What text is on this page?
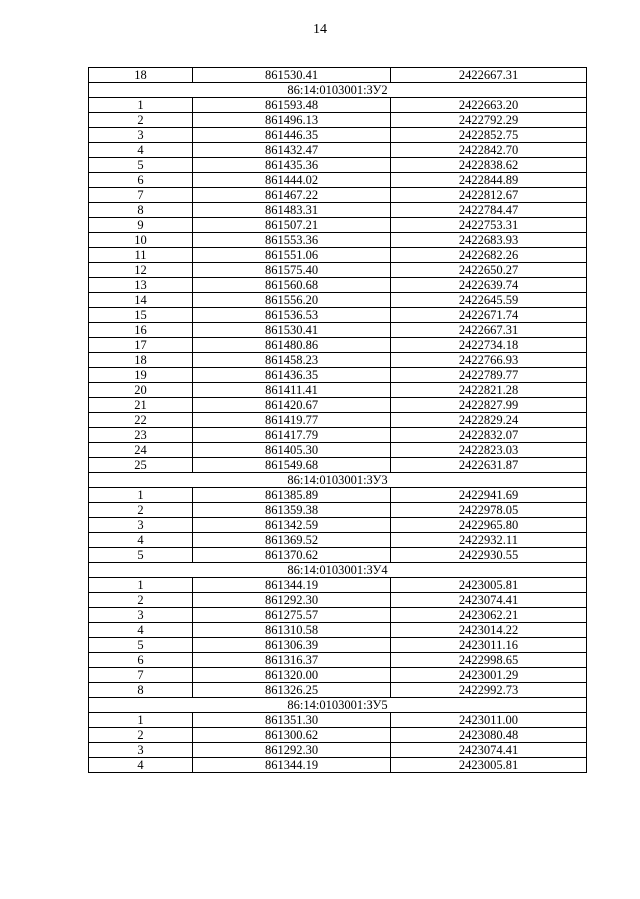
14
18	861530.41	2422667.31
86:14:0103001:ЗУ2		
1	861593.48	2422663.20
2	861496.13	2422792.29
3	861446.35	2422852.75
4	861432.47	2422842.70
5	861435.36	2422838.62
6	861444.02	2422844.89
7	861467.22	2422812.67
8	861483.31	2422784.47
9	861507.21	2422753.31
10	861553.36	2422683.93
11	861551.06	2422682.26
12	861575.40	2422650.27
13	861560.68	2422639.74
14	861556.20	2422645.59
15	861536.53	2422671.74
16	861530.41	2422667.31
17	861480.86	2422734.18
18	861458.23	2422766.93
19	861436.35	2422789.77
20	861411.41	2422821.28
21	861420.67	2422827.99
22	861419.77	2422829.24
23	861417.79	2422832.07
24	861405.30	2422823.03
25	861549.68	2422631.87
86:14:0103001:ЗУ3		
1	861385.89	2422941.69
2	861359.38	2422978.05
3	861342.59	2422965.80
4	861369.52	2422932.11
5	861370.62	2422930.55
86:14:0103001:ЗУ4		
1	861344.19	2423005.81
2	861292.30	2423074.41
3	861275.57	2423062.21
4	861310.58	2423014.22
5	861306.39	2423011.16
6	861316.37	2422998.65
7	861320.00	2423001.29
8	861326.25	2422992.73
86:14:0103001:ЗУ5		
1	861351.30	2423011.00
2	861300.62	2423080.48
3	861292.30	2423074.41
4	861344.19	2423005.81
